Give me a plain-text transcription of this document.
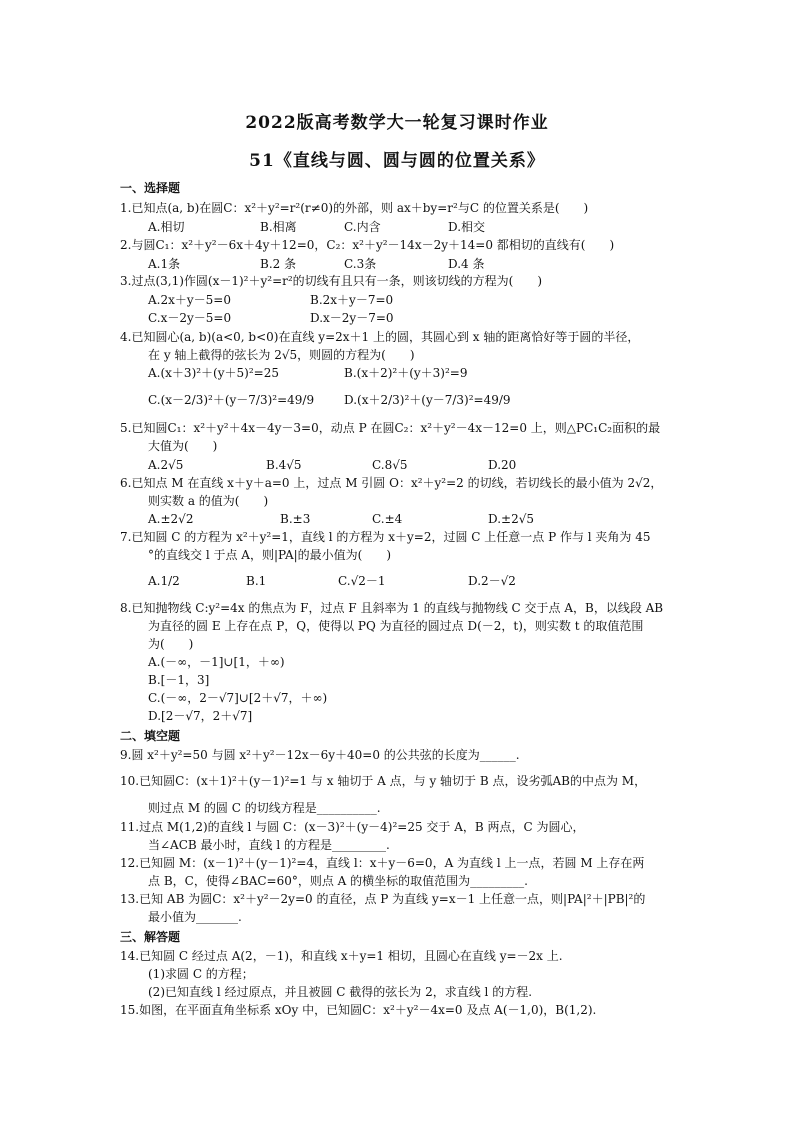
2022版高考数学大一轮复习课时作业
51《直线与圆、圆与圆的位置关系》
一、选择题
1.已知点(a, b)在圆C：x²＋y²=r²(r≠0)的外部，则 ax＋by=r²与C 的位置关系是(　　)
A.相切	B.相离	C.内含	D.相交
2.与圆C₁：x²＋y²－6x＋4y＋12=0，C₂：x²＋y²－14x－2y＋14=0 都相切的直线有(　　)
A.1条	B.2 条	C.3条	D.4 条
3.过点(3,1)作圆(x－1)²＋y²=r²的切线有且只有一条，则该切线的方程为(　　)
A.2x＋y－5=0	B.2x＋y－7=0
C.x－2y－5=0	D.x－2y－7=0
4.已知圆心(a, b)(a<0, b<0)在直线 y=2x＋1 上的圆，其圆心到 x 轴的距离恰好等于圆的半径，
在 y 轴上截得的弦长为 2√5，则圆的方程为(　　)
A.(x＋3)²＋(y＋5)²=25	B.(x＋2)²＋(y＋3)²=9
C.(x－2/3)²＋(y－7/3)²=49/9 D.(x＋2/3)²＋(y－7/3)²=49/9
5.已知圆C₁：x²＋y²＋4x－4y－3=0，动点 P 在圆C₂：x²＋y²－4x－12=0 上，则△PC₁C₂面积的最
大值为(　　)
A.2√5	B.4√5	C.8√5	D.20
6.已知点 M 在直线 x＋y＋a=0 上，过点 M 引圆 O：x²＋y²=2 的切线，若切线长的最小值为 2√2，
则实数 a 的值为(　　)
A.±2√2	B.±3	C.±4	D.±2√5
7.已知圆 C 的方程为 x²＋y²=1，直线 l 的方程为 x＋y=2，过圆 C 上任意一点 P 作与 l 夹角为 45
°的直线交 l 于点 A，则|PA|的最小值为(　　)
A.1/2	B.1	C.√2－1	D.2－√2
8.已知抛物线 C:y²=4x 的焦点为 F，过点 F 且斜率为 1 的直线与抛物线 C 交于点 A，B，以线段 AB
为直径的圆 E 上存在点 P，Q，使得以 PQ 为直径的圆过点 D(－2，t)，则实数 t 的取值范围
为(　　)
A.(－∞，－1]∪[1，＋∞)
B.[－1，3]
C.(－∞，2－√7]∪[2＋√7，＋∞)
D.[2－√7，2＋√7]
二、填空题
9.圆 x²＋y²=50 与圆 x²＋y²－12x－6y＋40=0 的公共弦的长度为______.
10.已知圆C：(x＋1)²＋(y－1)²=1 与 x 轴切于 A 点，与 y 轴切于 B 点，设劣弧AB的中点为 M，
则过点 M 的圆 C 的切线方程是__________.
11.过点 M(1,2)的直线 l 与圆 C：(x－3)²＋(y－4)²=25 交于 A，B 两点，C 为圆心，
当∠ACB 最小时，直线 l 的方程是_________.
12.已知圆 M：(x－1)²＋(y－1)²=4，直线 l：x＋y－6=0，A 为直线 l 上一点，若圆 M 上存在两
点 B，C，使得∠BAC=60°，则点 A 的横坐标的取值范围为_________.
13.已知 AB 为圆C：x²＋y²－2y=0 的直径，点 P 为直线 y=x－1 上任意一点，则|PA|²＋|PB|²的
最小值为_______.
三、解答题
14.已知圆 C 经过点 A(2，－1)，和直线 x＋y=1 相切，且圆心在直线 y=－2x 上.
(1)求圆 C 的方程；
(2)已知直线 l 经过原点，并且被圆 C 截得的弦长为 2，求直线 l 的方程.
15.如图，在平面直角坐标系 xOy 中，已知圆C：x²＋y²－4x=0 及点 A(－1,0)，B(1,2).
